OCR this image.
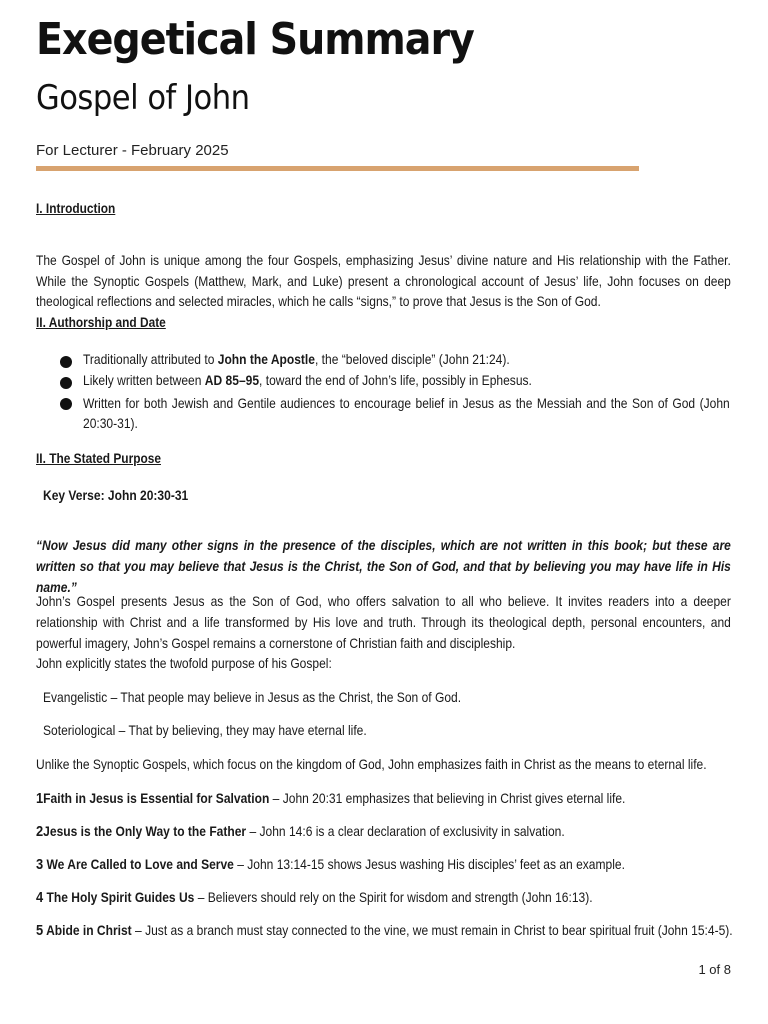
Exegetical Summary
Gospel of John
For Lecturer - February 2025
I. Introduction

The Gospel of John is unique among the four Gospels, emphasizing Jesus’ divine nature and His relationship with the Father. While the Synoptic Gospels (Matthew, Mark, and Luke) present a chronological account of Jesus’ life, John focuses on deep theological reflections and selected miracles, which he calls “signs,” to prove that Jesus is the Son of God.

II. Authorship and Date
Traditionally attributed to John the Apostle, the “beloved disciple” (John 21:24).
Likely written between AD 85–95, toward the end of John’s life, possibly in Ephesus.
Written for both Jewish and Gentile audiences to encourage belief in Jesus as the Messiah and the Son of God (John 20:30-31).
II. The Stated Purpose
Key Verse: John 20:30-31

“Now Jesus did many other signs in the presence of the disciples, which are not written in this book; but these are written so that you may believe that Jesus is the Christ, the Son of God, and that by believing you may have life in His name.”

John’s Gospel presents Jesus as the Son of God, who offers salvation to all who believe. It invites readers into a deeper relationship with Christ and a life transformed by His love and truth. Through its theological depth, personal encounters, and powerful imagery, John’s Gospel remains a cornerstone of Christian faith and discipleship.

John explicitly states the twofold purpose of his Gospel:
Evangelistic – That people may believe in Jesus as the Christ, the Son of God.
Soteriological – That by believing, they may have eternal life.
Unlike the Synoptic Gospels, which focus on the kingdom of God, John emphasizes faith in Christ as the means to eternal life.
1Faith in Jesus is Essential for Salvation – John 20:31 emphasizes that believing in Christ gives eternal life.
2Jesus is the Only Way to the Father – John 14:6 is a clear declaration of exclusivity in salvation.
3 We Are Called to Love and Serve – John 13:14-15 shows Jesus washing His disciples’ feet as an example.
4 The Holy Spirit Guides Us – Believers should rely on the Spirit for wisdom and strength (John 16:13).
5 Abide in Christ – Just as a branch must stay connected to the vine, we must remain in Christ to bear spiritual fruit (John 15:4-5).
1 of 8
